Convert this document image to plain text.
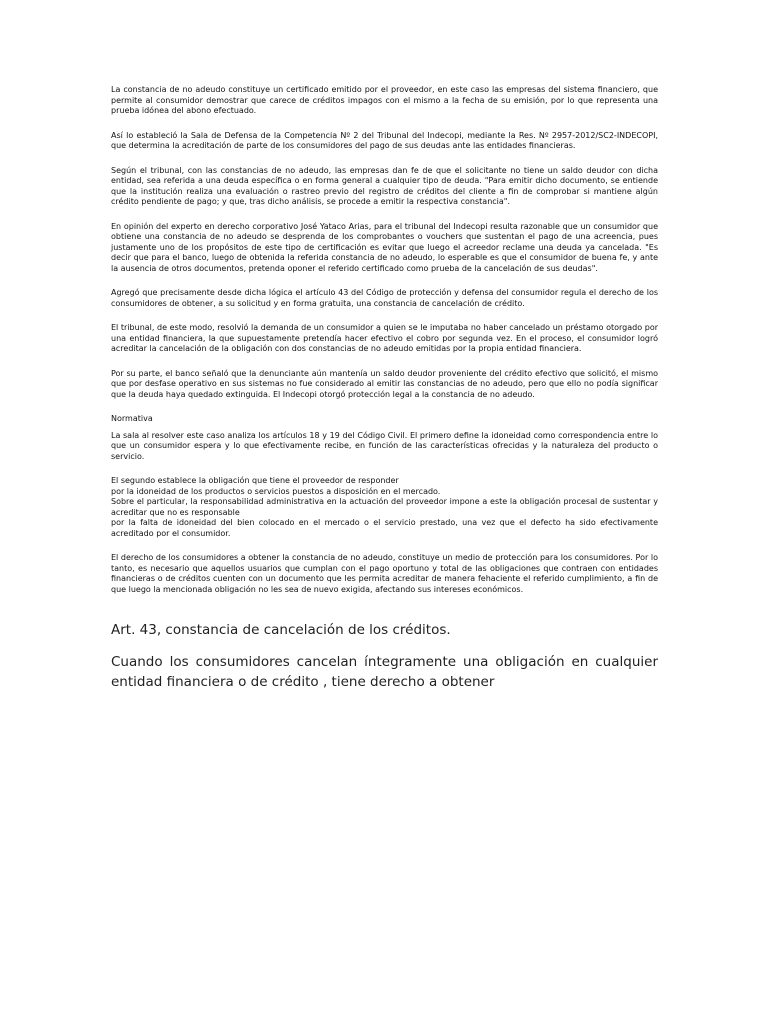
La constancia de no adeudo constituye un certificado emitido por el proveedor, en este caso las empresas del sistema financiero, que permite al consumidor demostrar que carece de créditos impagos con el mismo a la fecha de su emisión, por lo que representa una prueba idónea del abono efectuado.

Así lo estableció la Sala de Defensa de la Competencia Nº 2 del Tribunal del Indecopi, mediante la Res. Nº 2957-2012/SC2-INDECOPI, que determina la acreditación de parte de los consumidores del pago de sus deudas ante las entidades financieras.

Según el tribunal, con las constancias de no adeudo, las empresas dan fe de que el solicitante no tiene un saldo deudor con dicha entidad, sea referida a una deuda específica o en forma general a cualquier tipo de deuda. "Para emitir dicho documento, se entiende que la institución realiza una evaluación o rastreo previo del registro de créditos del cliente a fin de comprobar si mantiene algún crédito pendiente de pago; y que, tras dicho análisis, se procede a emitir la respectiva constancia".

En opinión del experto en derecho corporativo José Yataco Arias, para el tribunal del Indecopi resulta razonable que un consumidor que obtiene una constancia de no adeudo se desprenda de los comprobantes o vouchers que sustentan el pago de una acreencia, pues justamente uno de los propósitos de este tipo de certificación es evitar que luego el acreedor reclame una deuda ya cancelada. "Es decir que para el banco, luego de obtenida la referida constancia de no adeudo, lo esperable es que el consumidor de buena fe, y ante la ausencia de otros documentos, pretenda oponer el referido certificado como prueba de la cancelación de sus deudas".

Agregó que precisamente desde dicha lógica el artículo 43 del Código de protección y defensa del consumidor regula el derecho de los consumidores de obtener, a su solicitud y en forma gratuita, una constancia de cancelación de crédito.

El tribunal, de este modo, resolvió la demanda de un consumidor a quien se le imputaba no haber cancelado un préstamo otorgado por una entidad financiera, la que supuestamente pretendía hacer efectivo el cobro por segunda vez. En el proceso, el consumidor logró acreditar la cancelación de la obligación con dos constancias de no adeudo emitidas por la propia entidad financiera.

Por su parte, el banco señaló que la denunciante aún mantenía un saldo deudor proveniente del crédito efectivo que solicitó, el mismo que por desfase operativo en sus sistemas no fue considerado al emitir las constancias de no adeudo, pero que ello no podía significar que la deuda haya quedado extinguida. El Indecopi otorgó protección legal a la constancia de no adeudo.

Normativa

La sala al resolver este caso analiza los artículos 18 y 19 del Código Civil. El primero define la idoneidad como correspondencia entre lo que un consumidor espera y lo que efectivamente recibe, en función de las características ofrecidas y la naturaleza del producto o servicio.

El segundo establece la obligación que tiene el proveedor de responder
por la idoneidad de los productos o servicios puestos a disposición en el mercado.
Sobre el particular, la responsabilidad administrativa en la actuación del proveedor impone a este la obligación procesal de sustentar y acreditar que no es responsable
por la falta de idoneidad del bien colocado en el mercado o el servicio prestado, una vez que el defecto ha sido efectivamente acreditado por el consumidor.

El derecho de los consumidores a obtener la constancia de no adeudo, constituye un medio de protección para los consumidores. Por lo tanto, es necesario que aquellos usuarios que cumplan con el pago oportuno y total de las obligaciones que contraen con entidades financieras o de créditos cuenten con un documento que les permita acreditar de manera fehaciente el referido cumplimiento, a fin de que luego la mencionada obligación no les sea de nuevo exigida, afectando sus intereses económicos.

Art. 43, constancia de cancelación de los créditos.

Cuando los consumidores cancelan íntegramente una obligación en cualquier entidad financiera o de crédito , tiene derecho a obtener
